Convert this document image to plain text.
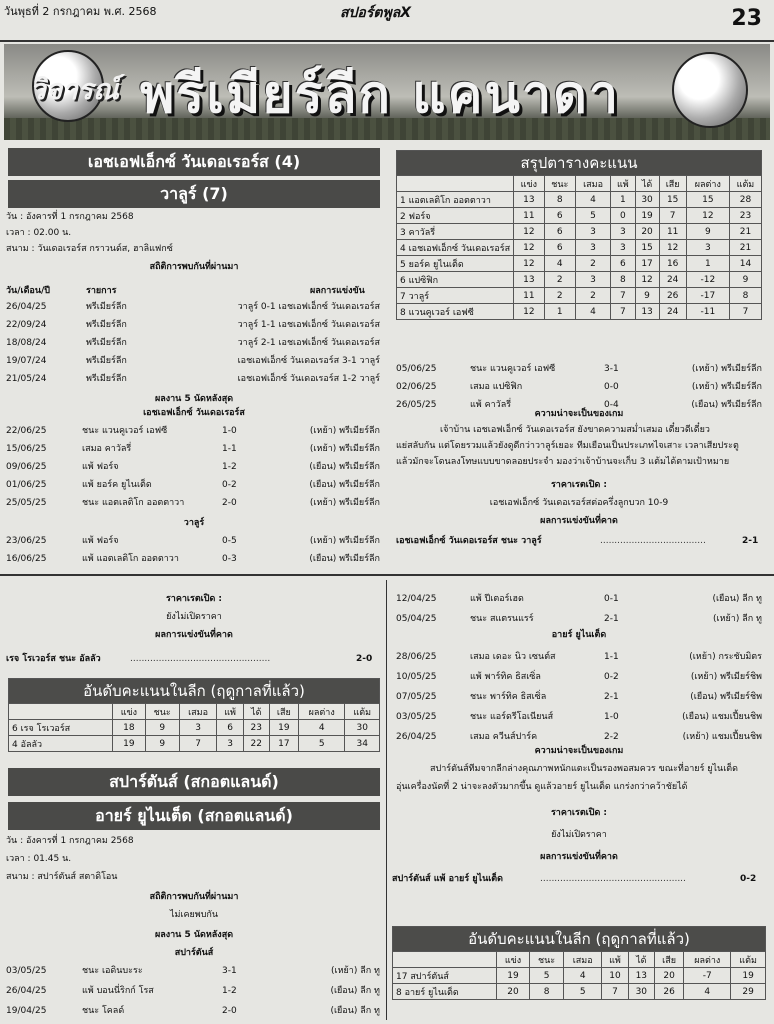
วันพุธที่ 2 กรกฎาคม พ.ศ. 2568	สปอร์ตพูลX	23
วิจารณ์ พรีเมียร์ลีก แคนาดา
เอชเอฟเอ็กซ์ วันเดอเรอร์ส (4)
วาลูร์ (7)
วัน : อังคารที่ 1 กรกฎาคม 2568
เวลา : 02.00 น.
สนาม : วันเดอเรอร์ส กราวนด์ส, ฮาลิแฟกซ์
สถิติการพบกันที่ผ่านมา
วัน/เดือน/ปี	รายการ	ผลการแข่งขัน
26/04/25	พรีเมียร์ลีก	วาลูร์ 0-1 เอชเอฟเอ็กซ์ วันเดอเรอร์ส
22/09/24	พรีเมียร์ลีก	วาลูร์ 1-1 เอชเอฟเอ็กซ์ วันเดอเรอร์ส
18/08/24	พรีเมียร์ลีก	วาลูร์ 2-1 เอชเอฟเอ็กซ์ วันเดอเรอร์ส
19/07/24	พรีเมียร์ลีก	เอชเอฟเอ็กซ์ วันเดอเรอร์ส 3-1 วาลูร์
21/05/24	พรีเมียร์ลีก	เอชเอฟเอ็กซ์ วันเดอเรอร์ส 1-2 วาลูร์
ผลงาน 5 นัดหลังสุด
เอชเอฟเอ็กซ์ วันเดอเรอร์ส
22/06/25	ชนะ แวนคูเวอร์ เอฟซี	1-0	(เหย้า) พรีเมียร์ลีก
15/06/25	เสมอ คาวัลรี่	1-1	(เหย้า) พรีเมียร์ลีก
09/06/25	แพ้ ฟอร์จ	1-2	(เยือน) พรีเมียร์ลีก
01/06/25	แพ้ ยอร์ค ยูไนเต็ด	0-2	(เยือน) พรีเมียร์ลีก
25/05/25	ชนะ แอตเลติโก ออตตาวา	2-0	(เหย้า) พรีเมียร์ลีก
วาลูร์
23/06/25	แพ้ ฟอร์จ	0-5	(เหย้า) พรีเมียร์ลีก
16/06/25	แพ้ แอตเลติโก ออตตาวา	0-3	(เยือน) พรีเมียร์ลีก
05/06/25	ชนะ แวนคูเวอร์ เอฟซี	3-1	(เหย้า) พรีเมียร์ลีก
02/06/25	เสมอ แปซิฟิก	0-0	(เหย้า) พรีเมียร์ลีก
26/05/25	แพ้ คาวัลรี่	0-4	(เยือน) พรีเมียร์ลีก
สรุปตารางคะแนน								
	แข่ง	ชนะ	เสมอ	แพ้	ได้	เสีย	ผลต่าง	แต้ม
1 แอตเลติโก ออตตาวา	13	8	4	1	30	15	15	28
2 ฟอร์จ	11	6	5	0	19	7	12	23
3 คาวัลรี่	12	6	3	3	20	11	9	21
4 เอชเอฟเอ็กซ์ วันเดอเรอร์ส	12	6	3	3	15	12	3	21
5 ยอร์ค ยูไนเต็ด	12	4	2	6	17	16	1	14
6 แปซิฟิก	13	2	3	8	12	24	-12	9
7 วาลูร์	11	2	2	7	9	26	-17	8
8 แวนคูเวอร์ เอฟซี	12	1	4	7	13	24	-11	7
ความน่าจะเป็นของเกม
เจ้าบ้าน เอชเอฟเอ็กซ์ วันเดอเรอร์ส ยังขาดความสม่ำเสมอ เดี๋ยวดีเดี๋ยว
แย่สลับกัน แต่โดยรวมแล้วยังดูดีกว่าวาลูร์เยอะ ทีมเยือนเป็นประเภทไจเสาะ เวลาเสียประตู
แล้วมักจะโดนลงโทษแบบขาดลอยประจำ มองว่าเจ้าบ้านจะเก็บ 3 แต้มได้ตามเป้าหมาย
ราคาเรตเปิด :
เอชเอฟเอ็กซ์ วันเดอเรอร์สต่อครึ่งลูกบวก 10-9
ผลการแข่งขันที่คาด
เอชเอฟเอ็กซ์ วันเดอเรอร์ส ชนะ วาลูร์	.....................................	2-1
ราคาเรตเปิด :
ยังไม่เปิดราคา
ผลการแข่งขันที่คาด
เรจ โรเวอร์ส ชนะ อัลลัว	.................................................	2-0
อันดับคะแนนในลีก (ฤดูกาลที่แล้ว)								
	แข่ง	ชนะ	เสมอ	แพ้	ได้	เสีย	ผลต่าง	แต้ม
6 เรจ โรเวอร์ส	18	9	3	6	23	19	4	30
4 อัลลัว	19	9	7	3	22	17	5	34
สปาร์ตันส์ (สกอตแลนด์)
อายร์ ยูไนเต็ด (สกอตแลนด์)
วัน : อังคารที่ 1 กรกฎาคม 2568
เวลา : 01.45 น.
สนาม : สปาร์ตันส์ สตาดิโอน
สถิติการพบกันที่ผ่านมา
ไม่เคยพบกัน
ผลงาน 5 นัดหลังสุด
สปาร์ตันส์
03/05/25	ชนะ เอดินบะระ	3-1	(เหย้า) ลีก ทู
26/04/25	แพ้ บอนนี่ริกก์ โรส	1-2	(เยือน) ลีก ทู
19/04/25	ชนะ โคลด์	2-0	(เยือน) ลีก ทู
12/04/25	แพ้ ปีเตอร์เฮด	0-1	(เยือน) ลีก ทู
05/04/25	ชนะ สแตรนแรร์	2-1	(เหย้า) ลีก ทู
อายร์ ยูไนเต็ด
28/06/25	เสมอ เดอะ นิว เซนต์ส	1-1	(เหย้า) กระชับมิตร
10/05/25	แพ้ พาร์ทิค ธิสเซิ่ล	0-2	(เหย้า) พรีเมียร์ชิพ
07/05/25	ชนะ พาร์ทิค ธิสเซิ่ล	2-1	(เยือน) พรีเมียร์ชิพ
03/05/25	ชนะ แอร์ดรีโอเนียนส์	1-0	(เยือน) แชมเปี้ยนชิพ
26/04/25	เสมอ ควีนส์ปาร์ค	2-2	(เหย้า) แชมเปี้ยนชิพ
ความน่าจะเป็นของเกม
สปาร์ตันส์ทีมจากลีกล่างคุณภาพหนักแตะเป็นรองพอสมควร ขณะที่อายร์ ยูไนเต็ด
อุ่นเครื่องนัดที่ 2 น่าจะลงตัวมากขึ้น ดูแล้วอายร์ ยูไนเต็ด แกร่งกว่าคว้าชัยได้
ราคาเรตเปิด :
ยังไม่เปิดราคา
ผลการแข่งขันที่คาด
สปาร์ตันส์ แพ้ อายร์ ยูไนเต็ด	...................................................	0-2
อันดับคะแนนในลีก (ฤดูกาลที่แล้ว)								
	แข่ง	ชนะ	เสมอ	แพ้	ได้	เสีย	ผลต่าง	แต้ม
17 สปาร์ตันส์	19	5	4	10	13	20	-7	19
8 อายร์ ยูไนเต็ด	20	8	5	7	30	26	4	29
